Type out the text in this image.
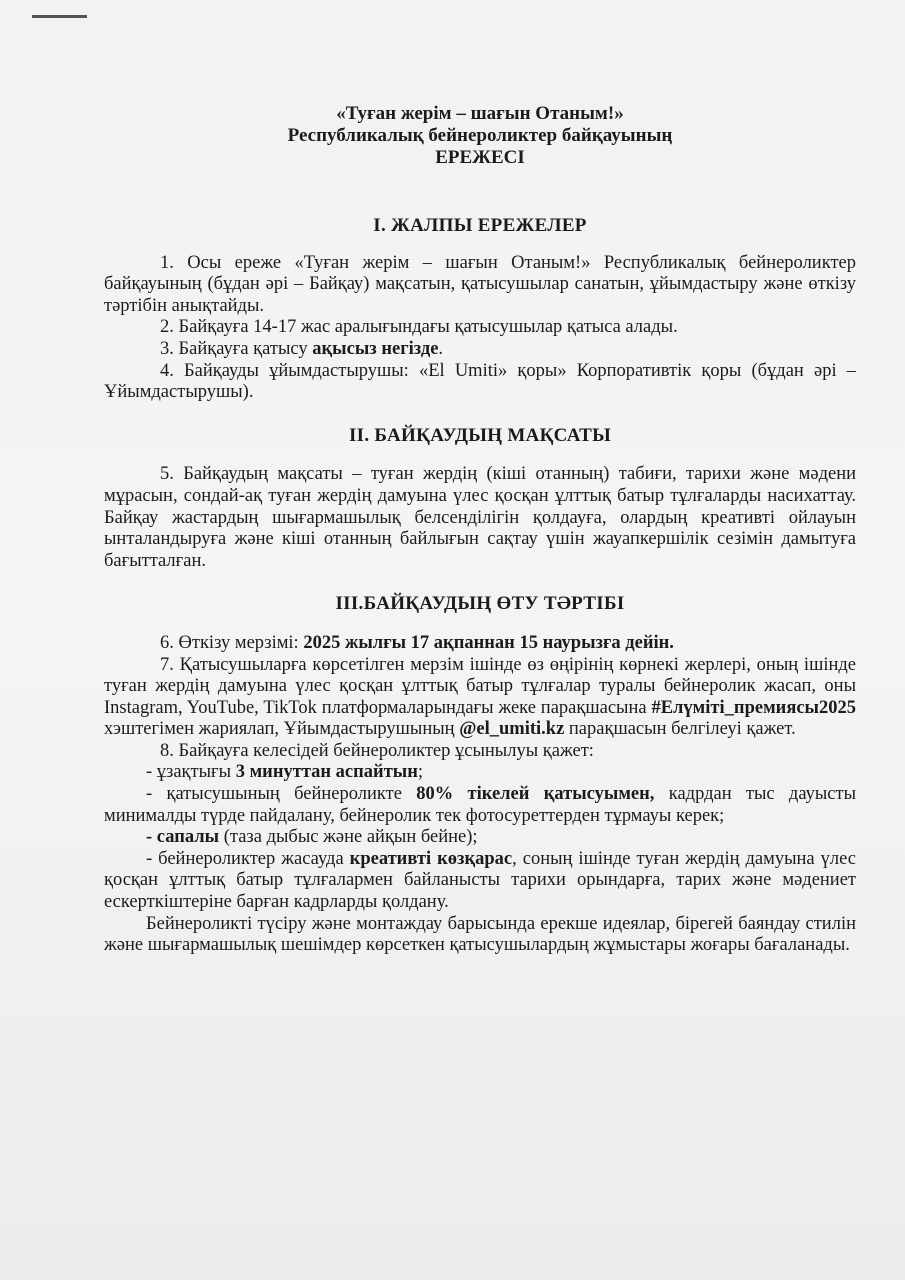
«Туған жерім – шағын Отаным!»
Республикалық бейнероликтер байқауының
ЕРЕЖЕСІ
І. ЖАЛПЫ ЕРЕЖЕЛЕР

1. Осы ереже «Туған жерім – шағын Отаным!» Республикалық бейнероликтер байқауының (бұдан әрі – Байқау) мақсатын, қатысушылар санатын, ұйымдастыру және өткізу тәртібін анықтайды.

2. Байқауға 14-17 жас аралығындағы қатысушылар қатыса алады.

3. Байқауға қатысу ақысыз негізде.

4. Байқауды ұйымдастырушы: «El Umiti» қоры» Корпоративтік қоры (бұдан әрі – Ұйымдастырушы).

ІІ. БАЙҚАУДЫҢ МАҚСАТЫ

5. Байқаудың мақсаты – туған жердің (кіші отанның) табиғи, тарихи және мәдени мұрасын, сондай-ақ туған жердің дамуына үлес қосқан ұлттық батыр тұлғаларды насихаттау. Байқау жастардың шығармашылық белсенділігін қолдауға, олардың креативті ойлауын ынталандыруға және кіші отанның байлығын сақтау үшін жауапкершілік сезімін дамытуға бағытталған.

ІІІ.БАЙҚАУДЫҢ ӨТУ ТӘРТІБІ

6. Өткізу мерзімі: 2025 жылғы 17 ақпаннан 15 наурызға дейін.

7. Қатысушыларға көрсетілген мерзім ішінде өз өңірінің көрнекі жерлері, оның ішінде туған жердің дамуына үлес қосқан ұлттық батыр тұлғалар туралы бейнеролик жасап, оны Instagram, YouTube, TikTok платформаларындағы жеке парақшасына #Елүміті_премиясы2025 хэштегімен жариялап, Ұйымдастырушының @el_umiti.kz парақшасын белгілеуі қажет.

8. Байқауға келесідей бейнероликтер ұсынылуы қажет:

- ұзақтығы 3 минуттан аспайтын;

- қатысушының бейнероликте 80% тікелей қатысуымен, кадрдан тыс дауысты минималды түрде пайдалану, бейнеролик тек фотосуреттерден тұрмауы керек;

- сапалы (таза дыбыс және айқын бейне);

- бейнероликтер жасауда креативті көзқарас, соның ішінде туған жердің дамуына үлес қосқан ұлттық батыр тұлғалармен байланысты тарихи орындарға, тарих және мәдениет ескерткіштеріне барған кадрларды қолдану.

Бейнероликті түсіру және монтаждау барысында ерекше идеялар, бірегей баяндау стилін және шығармашылық шешімдер көрсеткен қатысушылардың жұмыстары жоғары бағаланады.
